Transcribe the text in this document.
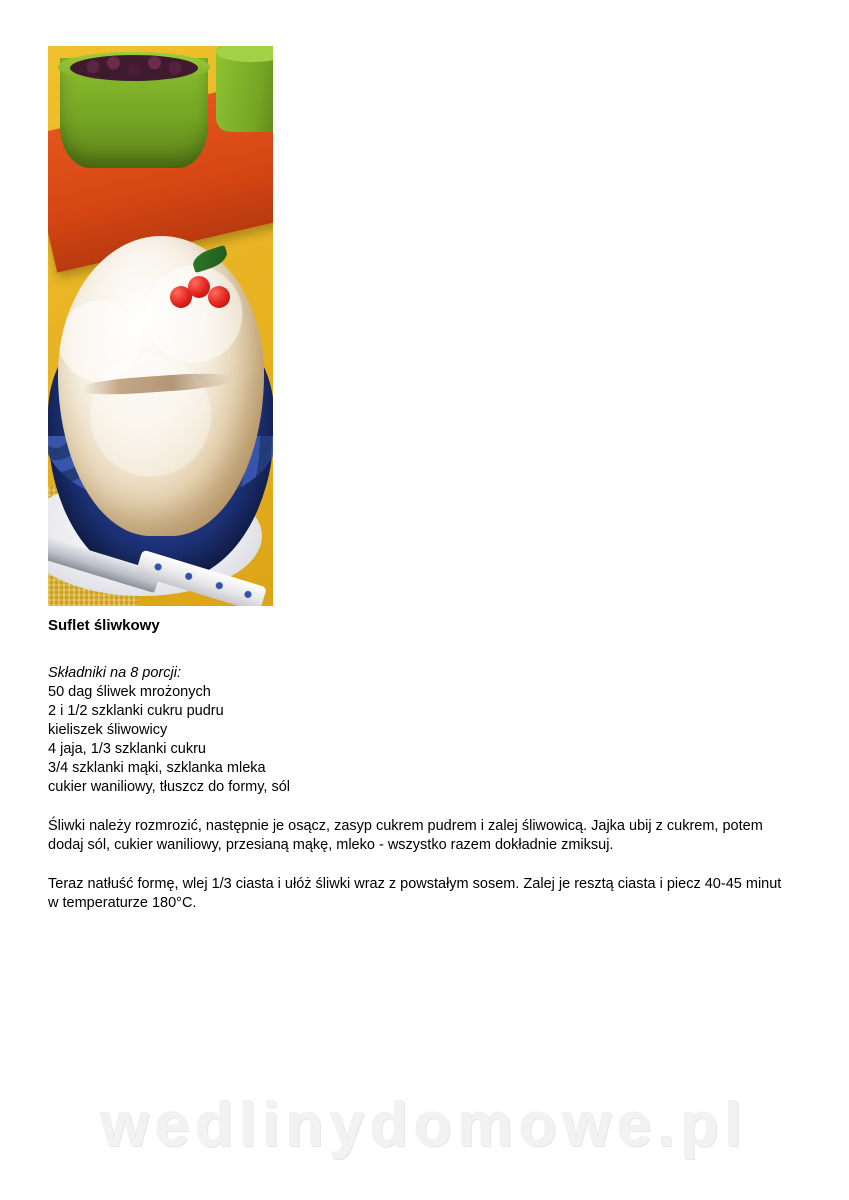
Suflet śliwkowy
Składniki na 8 porcji:
50 dag śliwek mrożonych
2 i 1/2 szklanki cukru pudru
kieliszek śliwowicy
4 jaja, 1/3 szklanki cukru
3/4 szklanki mąki, szklanka mleka
cukier waniliowy, tłuszcz do formy, sól

Śliwki należy rozmrozić, następnie je osącz, zasyp cukrem pudrem i zalej śliwowicą. Jajka ubij z cukrem, potem dodaj sól, cukier waniliowy, przesianą mąkę, mleko - wszystko razem dokładnie zmiksuj.

Teraz natłuść formę, wlej 1/3 ciasta i ułóż śliwki wraz z powstałym sosem. Zalej je resztą ciasta i piecz 40-45 minut w temperaturze 180°C.

wedlinydomowe.pl
